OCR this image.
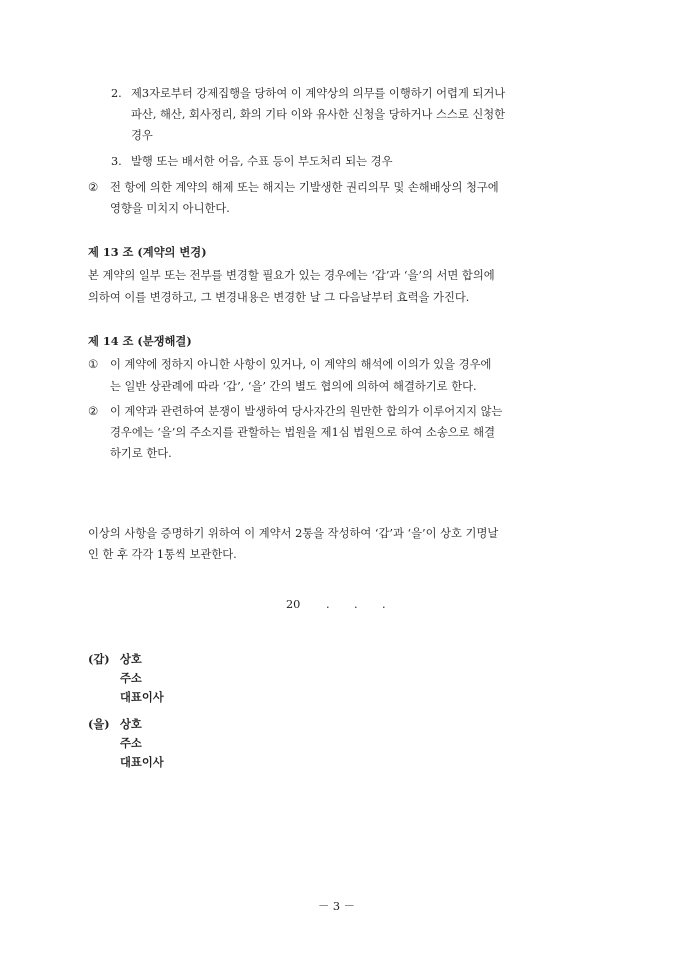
2. 제3자로부터 강제집행을 당하여 이 계약상의 의무를 이행하기 어렵게 되거나
파산, 해산, 회사정리, 화의 기타 이와 유사한 신청을 당하거나 스스로 신청한
경우
3. 발행 또는 배서한 어음, 수표 등이 부도처리 되는 경우
② 전 항에 의한 계약의 해제 또는 해지는 기발생한 권리의무 및 손해배상의 청구에
영향을 미치지 아니한다.
제 13 조 (계약의 변경)
본 계약의 일부 또는 전부를 변경할 필요가 있는 경우에는 ‘갑’과 ‘을’의 서면 합의에
의하여 이를 변경하고, 그 변경내용은 변경한 날 그 다음날부터 효력을 가진다.
제 14 조 (분쟁해결)
① 이 계약에 정하지 아니한 사항이 있거나, 이 계약의 해석에 이의가 있을 경우에
는 일반 상관례에 따라 ‘갑’, ‘을’ 간의 별도 협의에 의하여 해결하기로 한다.
② 이 계약과 관련하여 분쟁이 발생하여 당사자간의 원만한 합의가 이루어지지 않는
경우에는 ‘을’의 주소지를 관할하는 법원을 제1심 법원으로 하여 소송으로 해결
하기로 한다.
이상의 사항을 증명하기 위하여 이 계약서 2통을 작성하여 ‘갑’과 ‘을’이 상호 기명날
인 한 후 각각 1통씩 보관한다.
20 . . .
(갑) 상호
주소
대표이사
(을) 상호
주소
대표이사
－ 3 －
